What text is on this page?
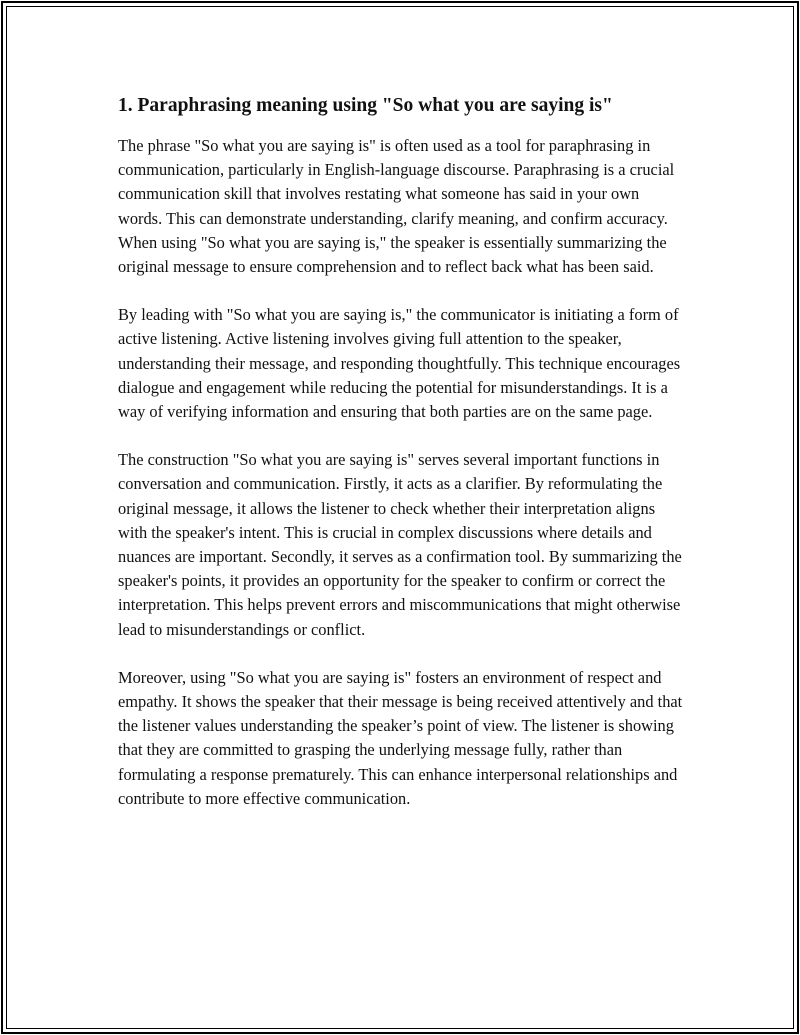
1. Paraphrasing meaning using "So what you are saying is"

The phrase "So what you are saying is" is often used as a tool for paraphrasing in communication, particularly in English-language discourse. Paraphrasing is a crucial communication skill that involves restating what someone has said in your own words. This can demonstrate understanding, clarify meaning, and confirm accuracy. When using "So what you are saying is," the speaker is essentially summarizing the original message to ensure comprehension and to reflect back what has been said.

By leading with "So what you are saying is," the communicator is initiating a form of active listening. Active listening involves giving full attention to the speaker, understanding their message, and responding thoughtfully. This technique encourages dialogue and engagement while reducing the potential for misunderstandings. It is a way of verifying information and ensuring that both parties are on the same page.

The construction "So what you are saying is" serves several important functions in conversation and communication. Firstly, it acts as a clarifier. By reformulating the original message, it allows the listener to check whether their interpretation aligns with the speaker's intent. This is crucial in complex discussions where details and nuances are important. Secondly, it serves as a confirmation tool. By summarizing the speaker's points, it provides an opportunity for the speaker to confirm or correct the interpretation. This helps prevent errors and miscommunications that might otherwise lead to misunderstandings or conflict.

Moreover, using "So what you are saying is" fosters an environment of respect and empathy. It shows the speaker that their message is being received attentively and that the listener values understanding the speaker’s point of view. The listener is showing that they are committed to grasping the underlying message fully, rather than formulating a response prematurely. This can enhance interpersonal relationships and contribute to more effective communication.
